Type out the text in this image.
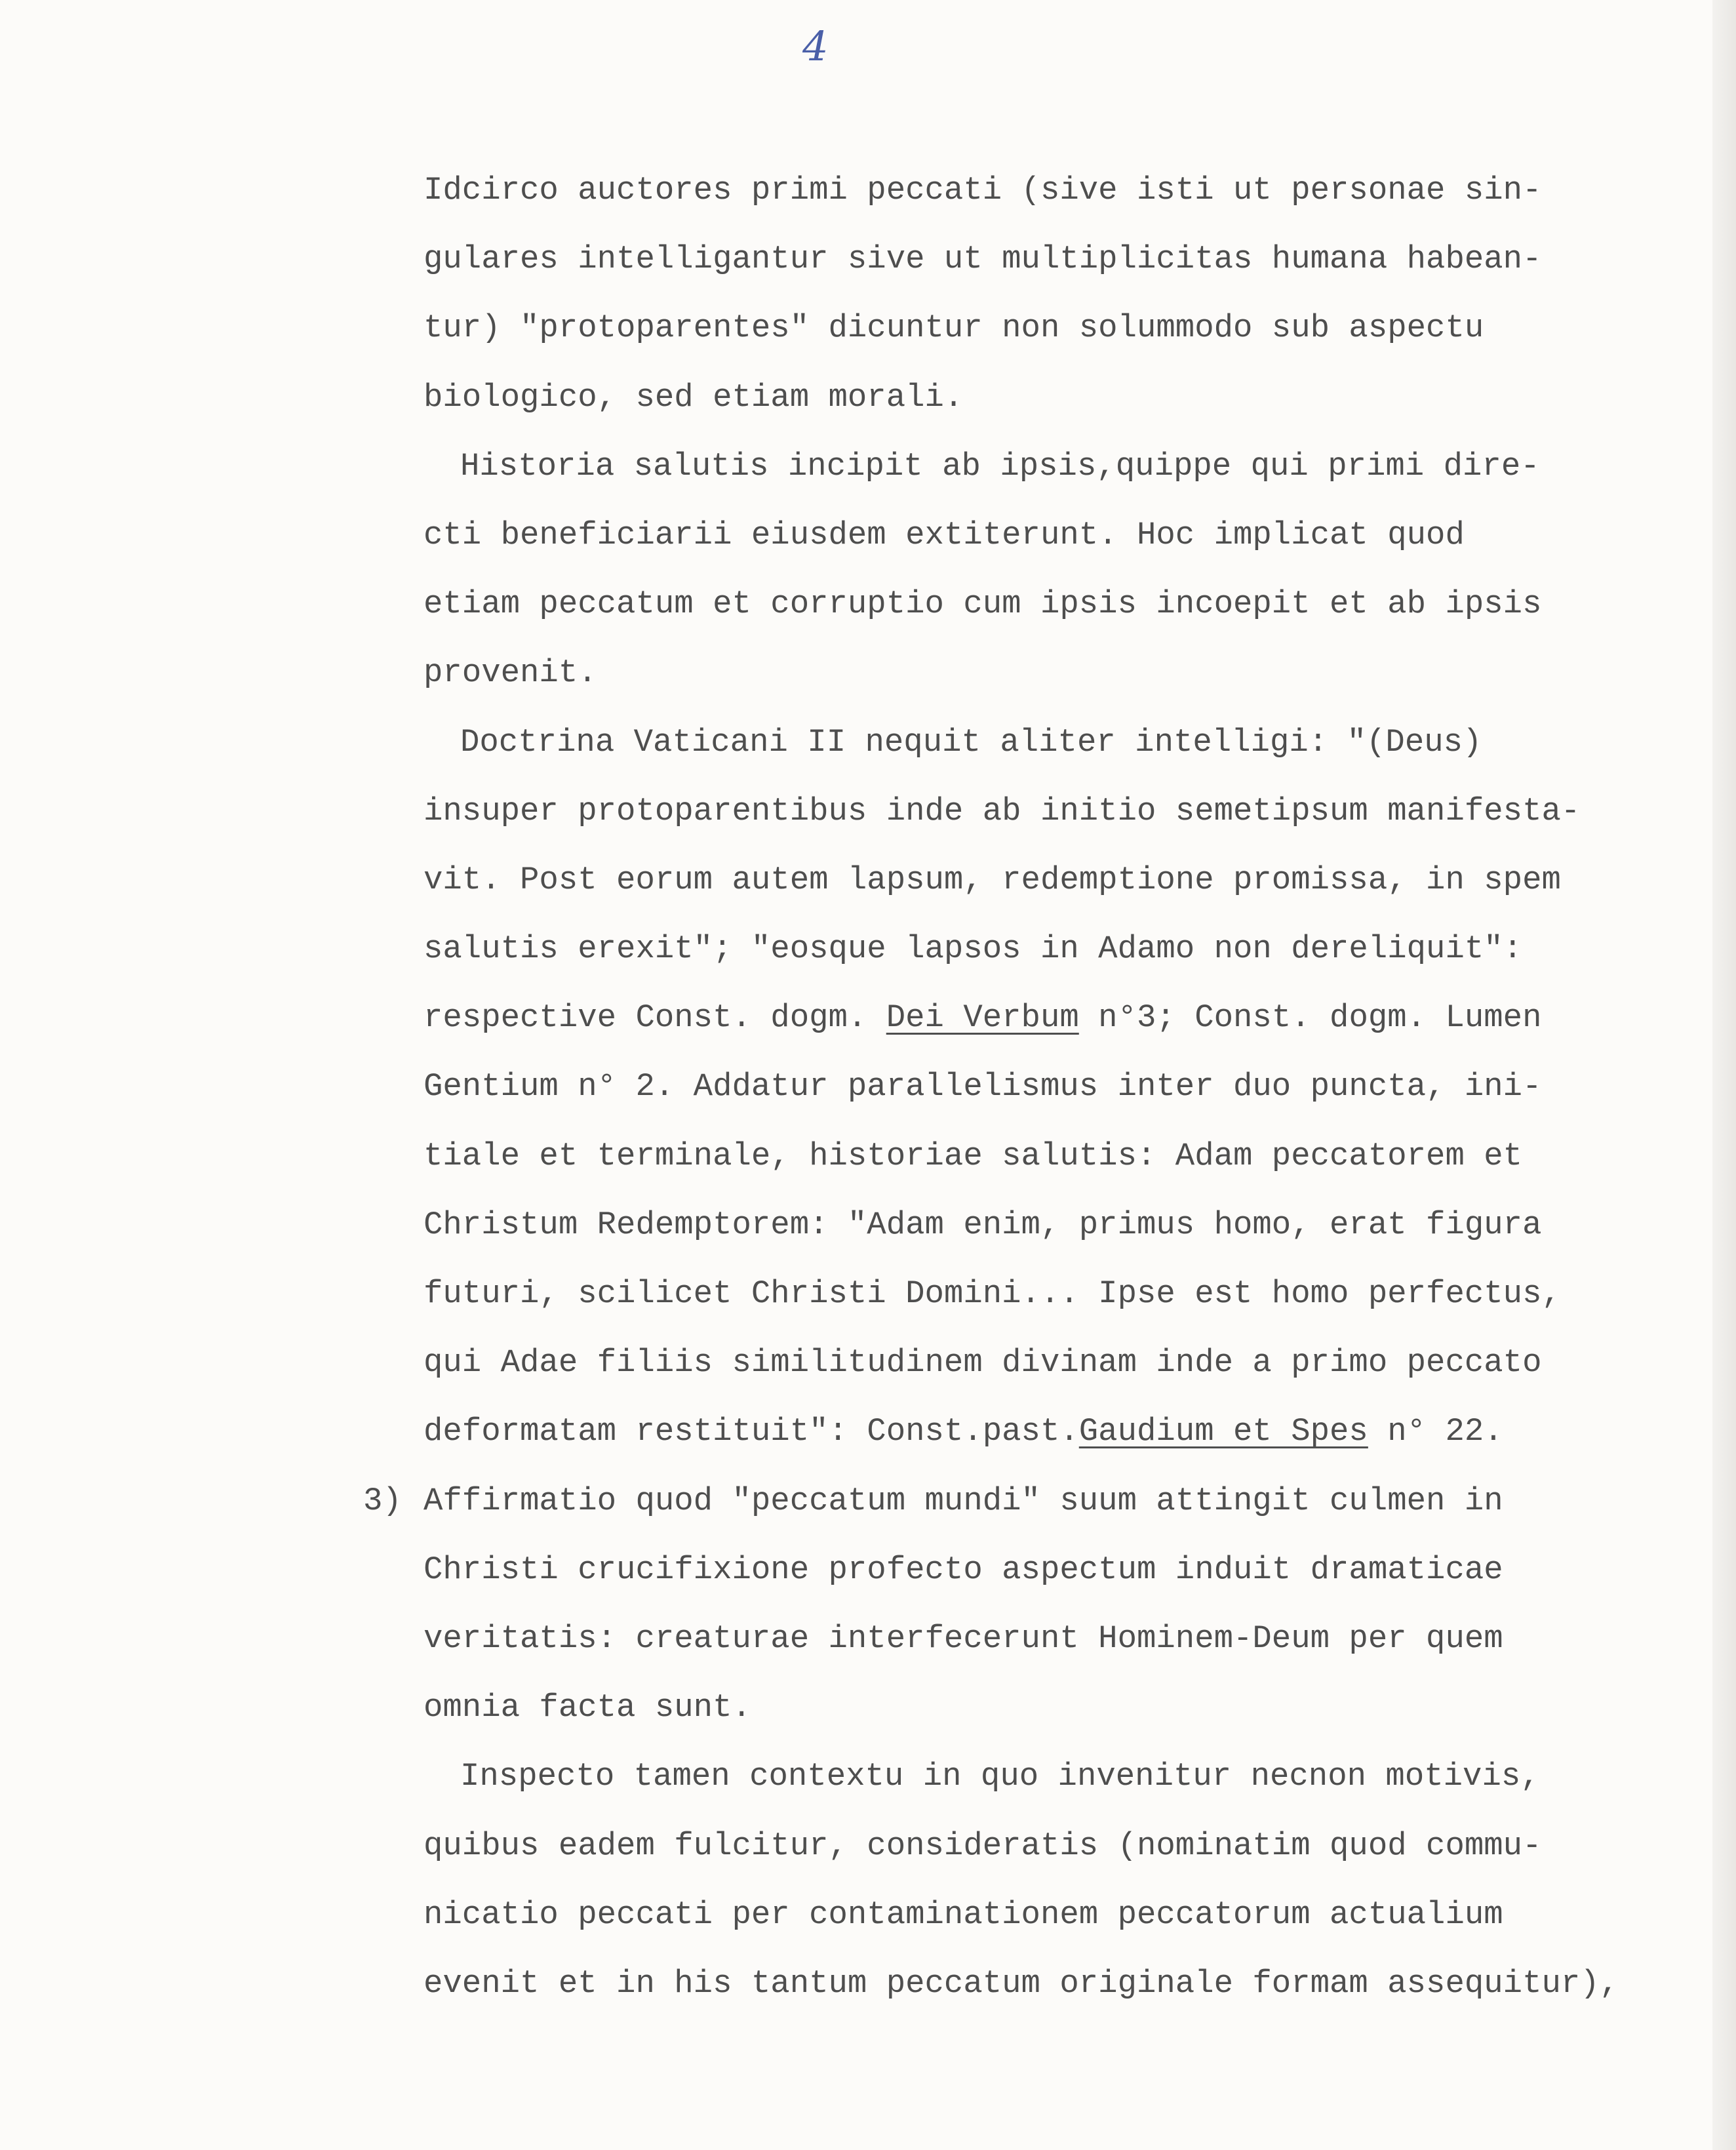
4
Idcirco auctores primi peccati (sive isti ut personae sin-
gulares intelligantur sive ut multiplicitas humana habean-
tur) "protoparentes" dicuntur non solummodo sub aspectu
biologico, sed etiam morali.
Historia salutis incipit ab ipsis,quippe qui primi dire-
cti beneficiarii eiusdem extiterunt. Hoc implicat quod
etiam peccatum et corruptio cum ipsis incoepit et ab ipsis
provenit.
Doctrina Vaticani II nequit aliter intelligi: "(Deus)
insuper protoparentibus inde ab initio semetipsum manifesta-
vit. Post eorum autem lapsum, redemptione promissa, in spem
salutis erexit"; "eosque lapsos in Adamo non dereliquit":
respective Const. dogm. Dei Verbum n°3; Const. dogm. Lumen
Gentium n° 2. Addatur parallelismus inter duo puncta, ini-
tiale et terminale, historiae salutis: Adam peccatorem et
Christum Redemptorem: "Adam enim, primus homo, erat figura
futuri, scilicet Christi Domini... Ipse est homo perfectus,
qui Adae filiis similitudinem divinam inde a primo peccato
deformatam restituit": Const.past.Gaudium et Spes n° 22.
3) Affirmatio quod "peccatum mundi" suum attingit culmen in
Christi crucifixione profecto aspectum induit dramaticae
veritatis: creaturae interfecerunt Hominem-Deum per quem
omnia facta sunt.
Inspecto tamen contextu in quo invenitur necnon motivis,
quibus eadem fulcitur, consideratis (nominatim quod commu-
nicatio peccati per contaminationem peccatorum actualium
evenit et in his tantum peccatum originale formam assequitur),
